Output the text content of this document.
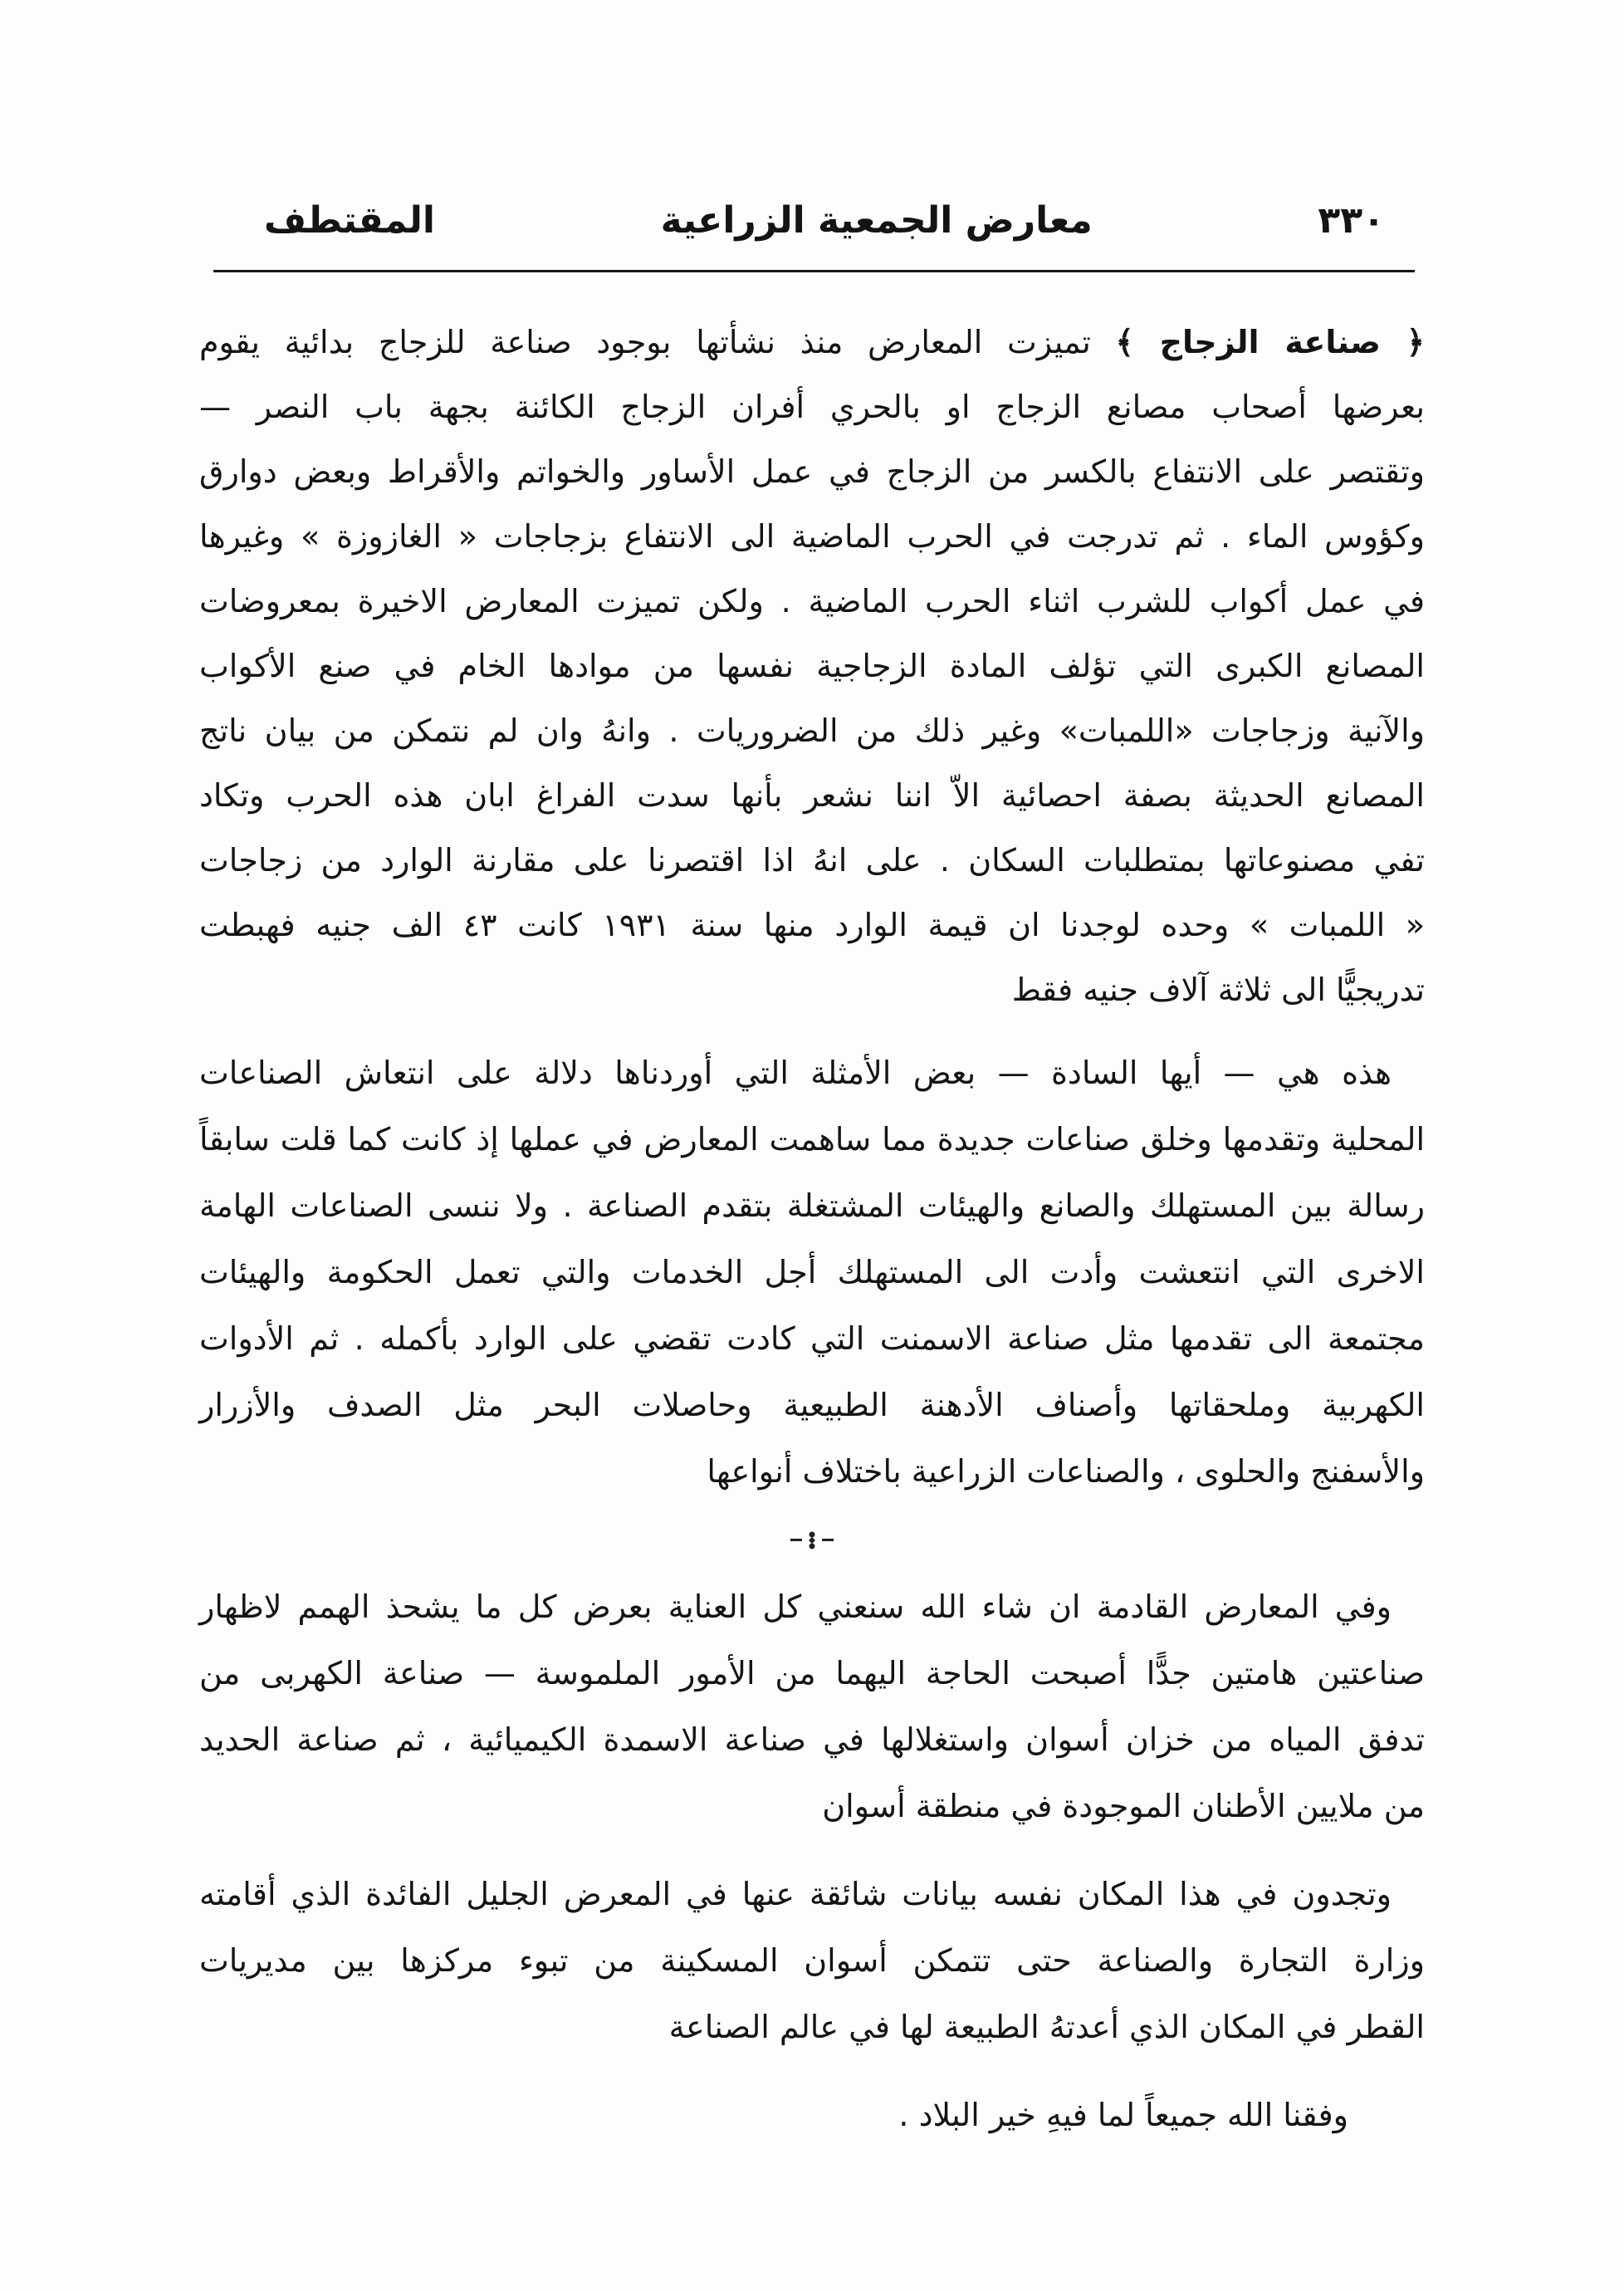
٣٣٠
معارض الجمعية الزراعية
المقتطف
﴿ صناعة الزجاج ﴾ تميزت المعارض منذ نشأتها بوجود صناعة للزجاج بدائية يقوم
بعرضها أصحاب مصانع الزجاج او بالحري أفران الزجاج الكائنة بجهة باب النصر —
وتقتصر على الانتفاع بالكسر من الزجاج في عمل الأساور والخواتم والأقراط وبعض دوارق
وكؤوس الماء . ثم تدرجت في الحرب الماضية الى الانتفاع بزجاجات « الغازوزة » وغيرها
في عمل أكواب للشرب اثناء الحرب الماضية . ولكن تميزت المعارض الاخيرة بمعروضات
المصانع الكبرى التي تؤلف المادة الزجاجية نفسها من موادها الخام في صنع الأكواب
والآنية وزجاجات «اللمبات» وغير ذلك من الضروريات . وانهُ وان لم نتمكن من بيان ناتج
المصانع الحديثة بصفة احصائية الاّ اننا نشعر بأنها سدت الفراغ ابان هذه الحرب وتكاد
تفي مصنوعاتها بمتطلبات السكان . على انهُ اذا اقتصرنا على مقارنة الوارد من زجاجات
« اللمبات » وحده لوجدنا ان قيمة الوارد منها سنة ١٩٣١ كانت ٤٣ الف جنيه فهبطت
تدريجيًّا الى ثلاثة آلاف جنيه فقط
هذه هي — أيها السادة — بعض الأمثلة التي أوردناها دلالة على انتعاش الصناعات
المحلية وتقدمها وخلق صناعات جديدة مما ساهمت المعارض في عملها إذ كانت كما قلت سابقاً
رسالة بين المستهلك والصانع والهيئات المشتغلة بتقدم الصناعة . ولا ننسى الصناعات الهامة
الاخرى التي انتعشت وأدت الى المستهلك أجل الخدمات والتي تعمل الحكومة والهيئات
مجتمعة الى تقدمها مثل صناعة الاسمنت التي كادت تقضي على الوارد بأكمله . ثم الأدوات
الكهربية وملحقاتها وأصناف الأدهنة الطبيعية وحاصلات البحر مثل الصدف والأزرار
والأسفنج والحلوى ، والصناعات الزراعية باختلاف أنواعها
وفي المعارض القادمة ان شاء الله سنعني كل العناية بعرض كل ما يشحذ الهمم لاظهار
صناعتين هامتين جدًّا أصبحت الحاجة اليهما من الأمور الملموسة — صناعة الكهربى من
تدفق المياه من خزان أسوان واستغلالها في صناعة الاسمدة الكيميائية ، ثم صناعة الحديد
من ملايين الأطنان الموجودة في منطقة أسوان
وتجدون في هذا المكان نفسه بيانات شائقة عنها في المعرض الجليل الفائدة الذي أقامته
وزارة التجارة والصناعة حتى تتمكن أسوان المسكينة من تبوء مركزها بين مديريات
القطر في المكان الذي أعدتهُ الطبيعة لها في عالم الصناعة
وفقنا الله جميعاً لما فيهِ خير البلاد .
